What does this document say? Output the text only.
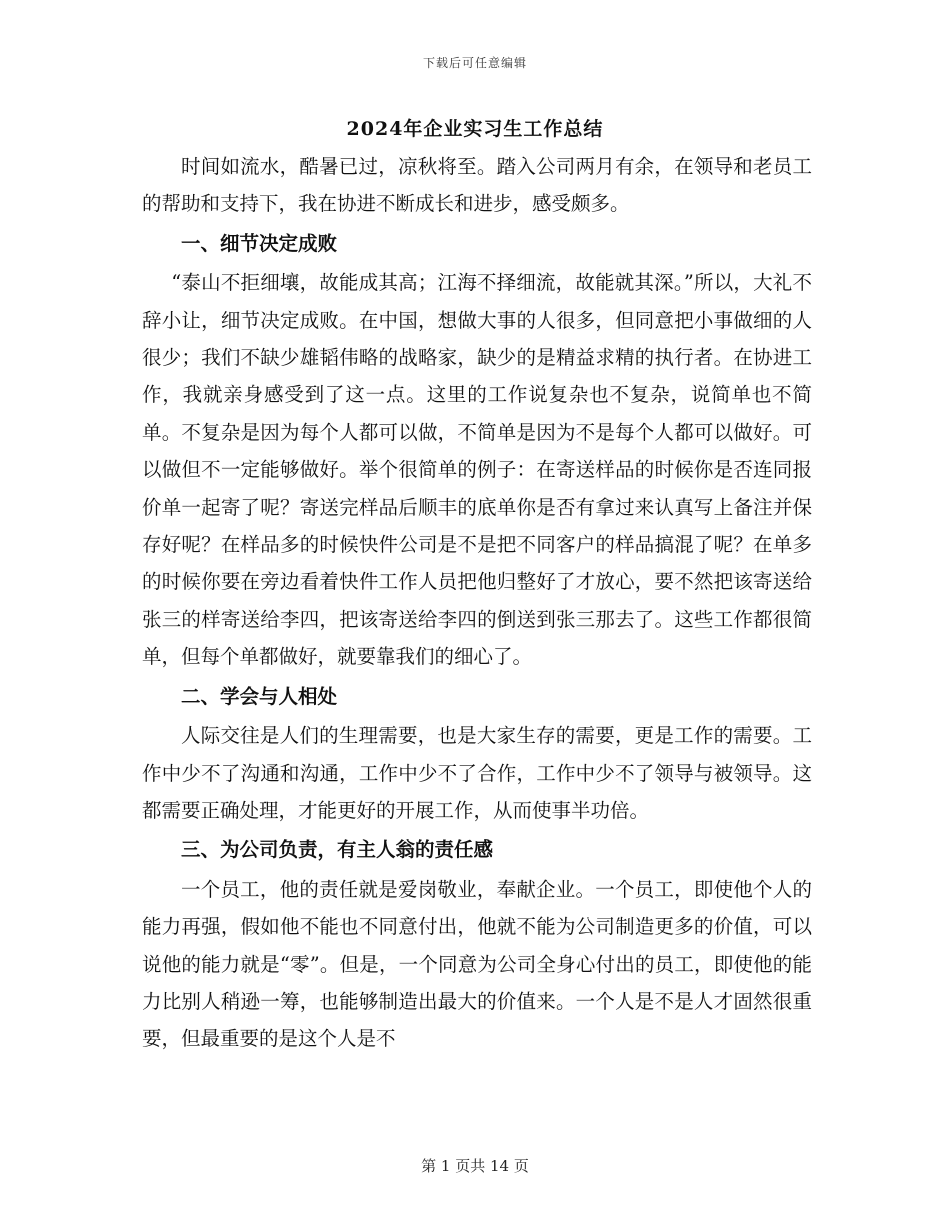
下载后可任意编辑
2024年企业实习生工作总结

时间如流水，酷暑已过，凉秋将至。踏入公司两月有余，在领导和老员工的帮助和支持下，我在协进不断成长和进步，感受颇多。

一、细节决定成败

“泰山不拒细壤，故能成其高；江海不择细流，故能就其深。”所以，大礼不辞小让，细节决定成败。在中国，想做大事的人很多，但同意把小事做细的人很少；我们不缺少雄韬伟略的战略家，缺少的是精益求精的执行者。在协进工作，我就亲身感受到了这一点。这里的工作说复杂也不复杂，说简单也不简单。不复杂是因为每个人都可以做，不简单是因为不是每个人都可以做好。可以做但不一定能够做好。举个很简单的例子：在寄送样品的时候你是否连同报价单一起寄了呢？寄送完样品后顺丰的底单你是否有拿过来认真写上备注并保存好呢？在样品多的时候快件公司是不是把不同客户的样品搞混了呢？在单多的时候你要在旁边看着快件工作人员把他归整好了才放心，要不然把该寄送给张三的样寄送给李四，把该寄送给李四的倒送到张三那去了。这些工作都很简单，但每个单都做好，就要靠我们的细心了。

二、学会与人相处

人际交往是人们的生理需要，也是大家生存的需要，更是工作的需要。工作中少不了沟通和沟通，工作中少不了合作，工作中少不了领导与被领导。这都需要正确处理，才能更好的开展工作，从而使事半功倍。

三、为公司负责，有主人翁的责任感

一个员工，他的责任就是爱岗敬业，奉献企业。一个员工，即使他个人的能力再强，假如他不能也不同意付出，他就不能为公司制造更多的价值，可以说他的能力就是“零”。但是，一个同意为公司全身心付出的员工，即使他的能力比别人稍逊一筹，也能够制造出最大的价值来。一个人是不是人才固然很重要，但最重要的是这个人是不

第 1 页共 14 页
